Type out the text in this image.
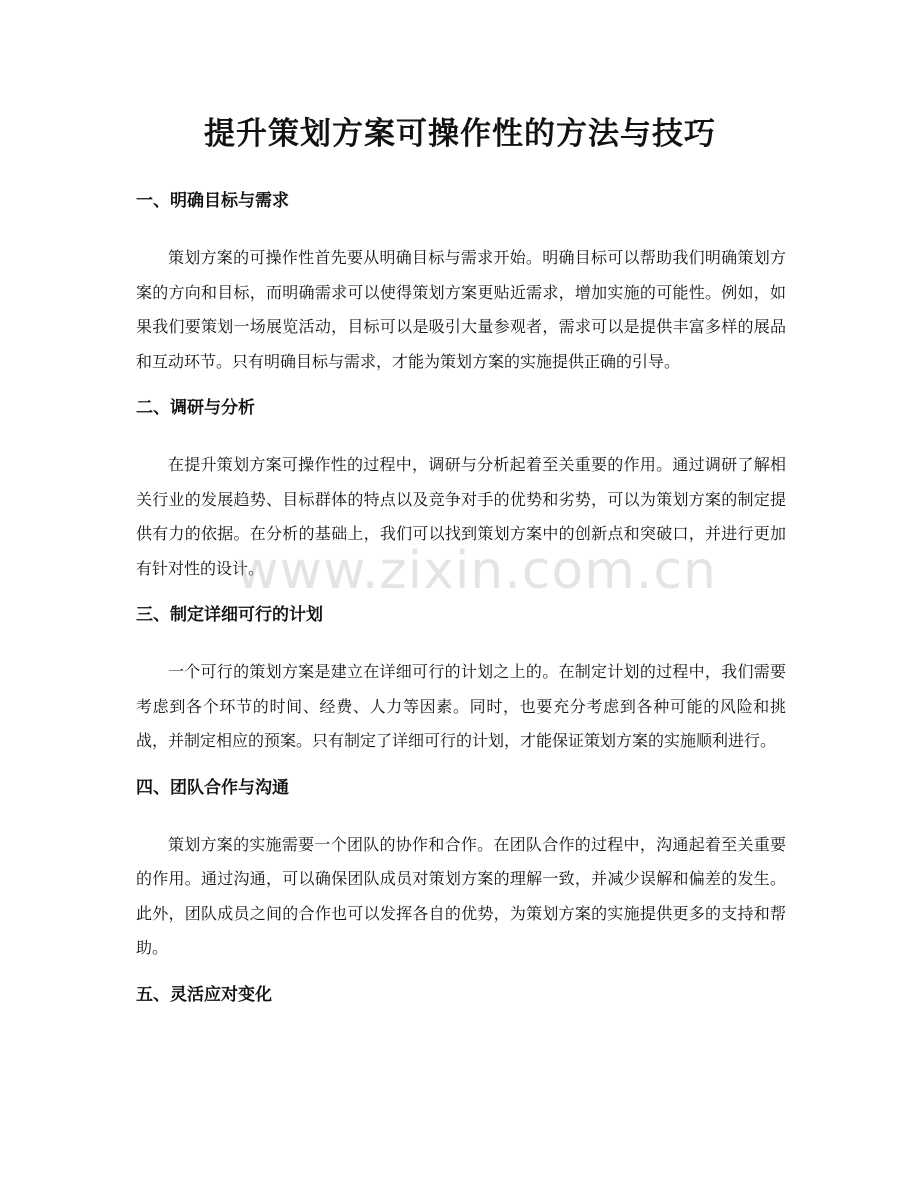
提升策划方案可操作性的方法与技巧
一、明确目标与需求

策划方案的可操作性首先要从明确目标与需求开始。明确目标可以帮助我们明确策划方案的方向和目标，而明确需求可以使得策划方案更贴近需求，增加实施的可能性。例如，如果我们要策划一场展览活动，目标可以是吸引大量参观者，需求可以是提供丰富多样的展品和互动环节。只有明确目标与需求，才能为策划方案的实施提供正确的引导。

二、调研与分析

在提升策划方案可操作性的过程中，调研与分析起着至关重要的作用。通过调研了解相关行业的发展趋势、目标群体的特点以及竞争对手的优势和劣势，可以为策划方案的制定提供有力的依据。在分析的基础上，我们可以找到策划方案中的创新点和突破口，并进行更加有针对性的设计。

三、制定详细可行的计划

一个可行的策划方案是建立在详细可行的计划之上的。在制定计划的过程中，我们需要考虑到各个环节的时间、经费、人力等因素。同时，也要充分考虑到各种可能的风险和挑战，并制定相应的预案。只有制定了详细可行的计划，才能保证策划方案的实施顺利进行。

四、团队合作与沟通

策划方案的实施需要一个团队的协作和合作。在团队合作的过程中，沟通起着至关重要的作用。通过沟通，可以确保团队成员对策划方案的理解一致，并减少误解和偏差的发生。此外，团队成员之间的合作也可以发挥各自的优势，为策划方案的实施提供更多的支持和帮助。

五、灵活应对变化
www.zixin.com.cn
